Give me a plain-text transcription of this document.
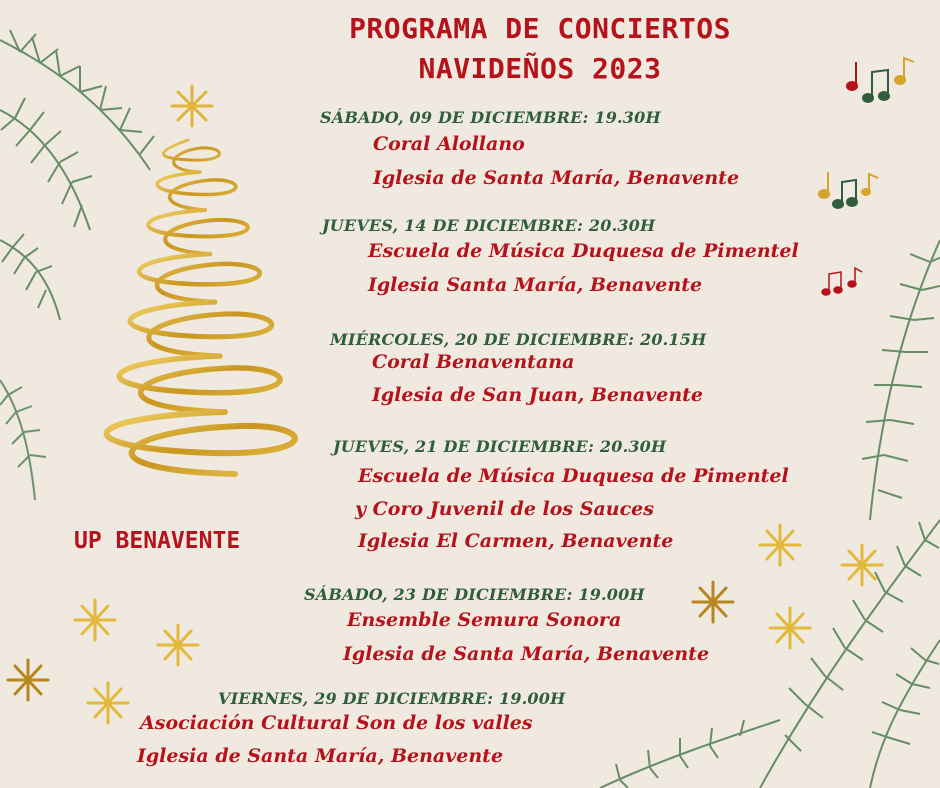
PROGRAMA DE CONCIERTOS
NAVIDEÑOS 2023
UP BENAVENTE
SÁBADO, 09 DE DICIEMBRE: 19.30H
Coral Alollano
Iglesia de Santa María, Benavente
JUEVES, 14 DE DICIEMBRE: 20.30H
Escuela de Música Duquesa de Pimentel
Iglesia Santa María, Benavente
MIÉRCOLES, 20 DE DICIEMBRE: 20.15H
Coral Benaventana
Iglesia de San Juan, Benavente
JUEVES, 21 DE DICIEMBRE: 20.30H
Escuela de Música Duquesa de Pimentel
y Coro Juvenil de los Sauces
Iglesia El Carmen, Benavente
SÁBADO, 23 DE DICIEMBRE: 19.00H
Ensemble Semura Sonora
Iglesia de Santa María, Benavente
VIERNES, 29 DE DICIEMBRE: 19.00H
Asociación Cultural Son de los valles
Iglesia de Santa María, Benavente
